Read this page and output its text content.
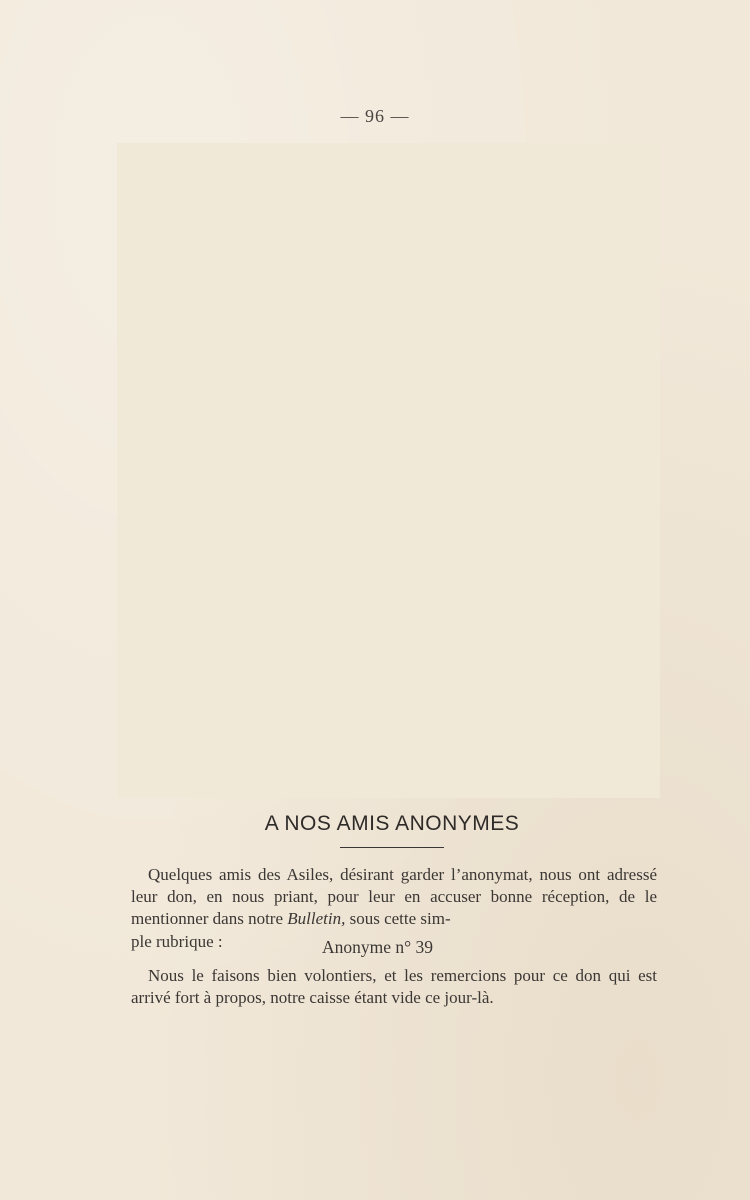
— 96 —
A NOS AMIS ANONYMES
Quelques amis des Asiles, désirant garder l’anonymat, nous ont adressé leur don, en nous priant, pour leur en accuser bonne réception, de le mentionner dans notre Bulletin, sous cette sim-
ple rubrique :	Anonyme n° 39
Nous le faisons bien volontiers, et les remercions pour ce don qui est arrivé fort à propos, notre caisse étant vide ce jour-là.
